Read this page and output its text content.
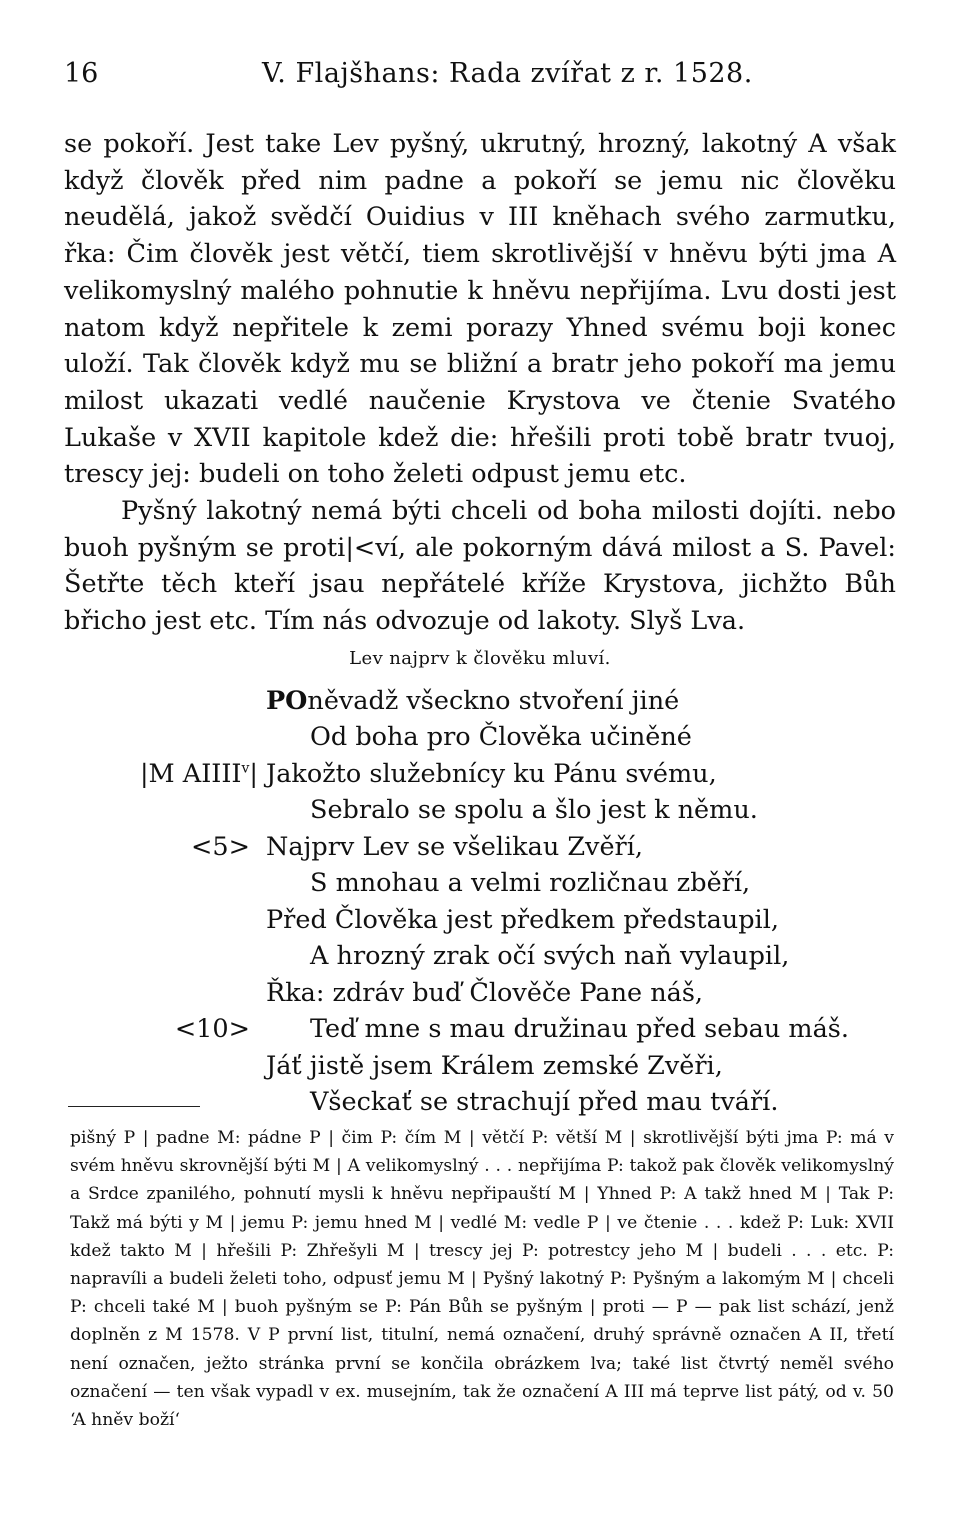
16	V. Flajšhans: Rada zvířat z r. 1528.

se pokoří. Jest take Lev pyšný, ukrutný, hrozný, lakotný A však když člověk před nim padne a pokoří se jemu nic člověku neudělá, jakož svědčí Ouidius v III kněhach svého zarmutku, řka: Čim člověk jest větčí, tiem skrotlivější v hněvu býti jma A velikomyslný malého pohnutie k hněvu nepřijíma. Lvu dosti jest natom když nepřitele k zemi porazy Yhned svému boji konec uloží. Tak člověk když mu se bližní a bratr jeho pokoří ma jemu milost ukazati vedlé naučenie Krystova ve čtenie Svatého Lukaše v XVII kapitole kdež die: hřešili proti tobě bratr tvuoj, trescy jej: budeli on toho želeti odpust jemu etc.

Pyšný lakotný nemá býti chceli od boha milosti dojíti. nebo buoh pyšným se proti|<ví, ale pokorným dává milost a S. Pavel: Šetřte těch kteří jsau nepřátelé kříže Krystova, jichžto Bůh břicho jest etc. Tím nás odvozuje od lakoty. Slyš Lva.

Lev najprv k člověku mluví.
POněvadž všeckno stvoření jiné
Od boha pro Člověka učiněné
|M AIIII$^v$| Jakožto služebnícy ku Pánu svému,
Sebralo se spolu a šlo jest k němu.
<5> Najprv Lev se všelikau Zvěří,
S mnohau a velmi rozličnau zběří,
Před Člověka jest předkem předstaupil,
A hrozný zrak očí svých naň vylaupil,
Řka: zdráv buď Člověče Pane náš,
<10> Teď mne s mau družinau před sebau máš.
Jáť jistě jsem Králem zemské Zvěři,
Všeckať se strachují před mau tváří.

pišný P | padne M: pádne P | čim P: čím M | větčí P: větší M | skrotlivější býti jma P: má v svém hněvu skrovnější býti M | A velikomyslný . . . nepřijíma P: takož pak člověk velikomyslný a Srdce zpanilého, pohnutí mysli k hněvu nepřipauští M | Yhned P: A takž hned M | Tak P: Takž má býti y M | jemu P: jemu hned M | vedlé M: vedle P | ve čtenie . . . kdež P: Luk: XVII kdež takto M | hřešili P: Zhřešyli M | trescy jej P: potrestcy jeho M | budeli . . . etc. P: napravíli a budeli želeti toho, odpusť jemu M | Pyšný lakotný P: Pyšným a lakomým M | chceli P: chceli také M | buoh pyšným se P: Pán Bůh se pyšným | proti — P — pak list schází, jenž doplněn z M 1578. V P první list, titulní, nemá označení, druhý správně označen A II, třetí není označen, ježto stránka první se končila obrázkem lva; také list čtvrtý neměl svého označení — ten však vypadl v ex. musejním, tak že označení A III má teprve list pátý, od v. 50 ‘A hněv boží‘
